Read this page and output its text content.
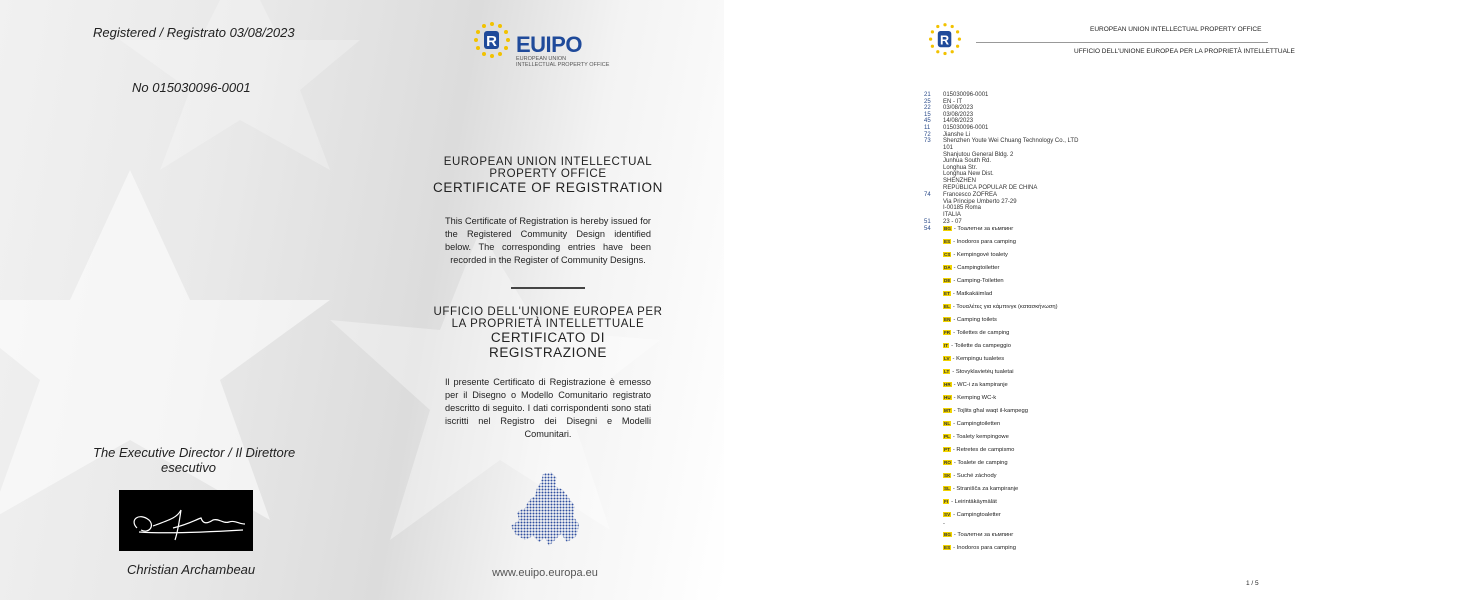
Registered / Registrato 03/08/2023
No 015030096-0001
R EUIPO
EUROPEAN UNION
INTELLECTUAL PROPERTY OFFICE
EUROPEAN UNION INTELLECTUAL
PROPERTY OFFICE
CERTIFICATE OF REGISTRATION
This Certificate of Registration is hereby issued for the Registered Community Design identified below. The corresponding entries have been recorded in the Register of Community Designs.
UFFICIO DELL'UNIONE EUROPEA PER
LA PROPRIETÀ INTELLETTUALE
CERTIFICATO DI
REGISTRAZIONE
Il presente Certificato di Registrazione è emesso per il Disegno o Modello Comunitario registrato descritto di seguito. I dati corrispondenti sono stati iscritti nel Registro dei Disegni e Modelli Comunitari.
The Executive Director / Il Direttore
esecutivo
Christian Archambeau	www.euipo.europa.eu
R
EUROPEAN UNION INTELLECTUAL PROPERTY OFFICE
UFFICIO DELL'UNIONE EUROPEA PER LA PROPRIETÀ INTELLETTUALE
21 015030096-0001
25 EN - IT
22 03/08/2023
15 03/08/2023
45 14/08/2023
11 015030096-0001
72 Jianshe Li
73 Shenzhen Youte Wei Chuang Technology Co., LTD
101
Shanjutou General Bldg. 2
Junhua South Rd.
Longhua Str.
Longhua New Dist.
SHENZHEN
REPÚBLICA POPULAR DE CHINA
74 Francesco ZOFREA
Via Principe Umberto 27-29
I-00185 Roma
ITALIA
51 23 - 07
54	BG - Тоалетни за къмпинг
ES - Inodoros para camping
CS - Kempingové toalety
DA - Campingtoiletter
DE - Camping-Toiletten
ET - Matkakäimlad
EL - Τουαλέτες για κάμπινγκ (κατασκήνωση)
EN - Camping toilets
FR - Toilettes de camping
IT - Toilette da campeggio
LV - Kempingu tualetes
LT - Stovyklavietėų tualetai
HR - WC-i za kampiranje
HU - Kemping WC-k
MT - Tojlits għal waqt il-kampegg
NL - Campingtoiletten
PL - Toalety kempingowe
PT - Retretes de campismo
RO - Toalete de camping
SK - Suché záchody
SL - Stranišča za kampiranje
FI - Leirintäkäymälät
SV - Campingtoaletter
-
BG - Тоалетни за къмпинг
ES - Inodoros para camping
1 / 5
